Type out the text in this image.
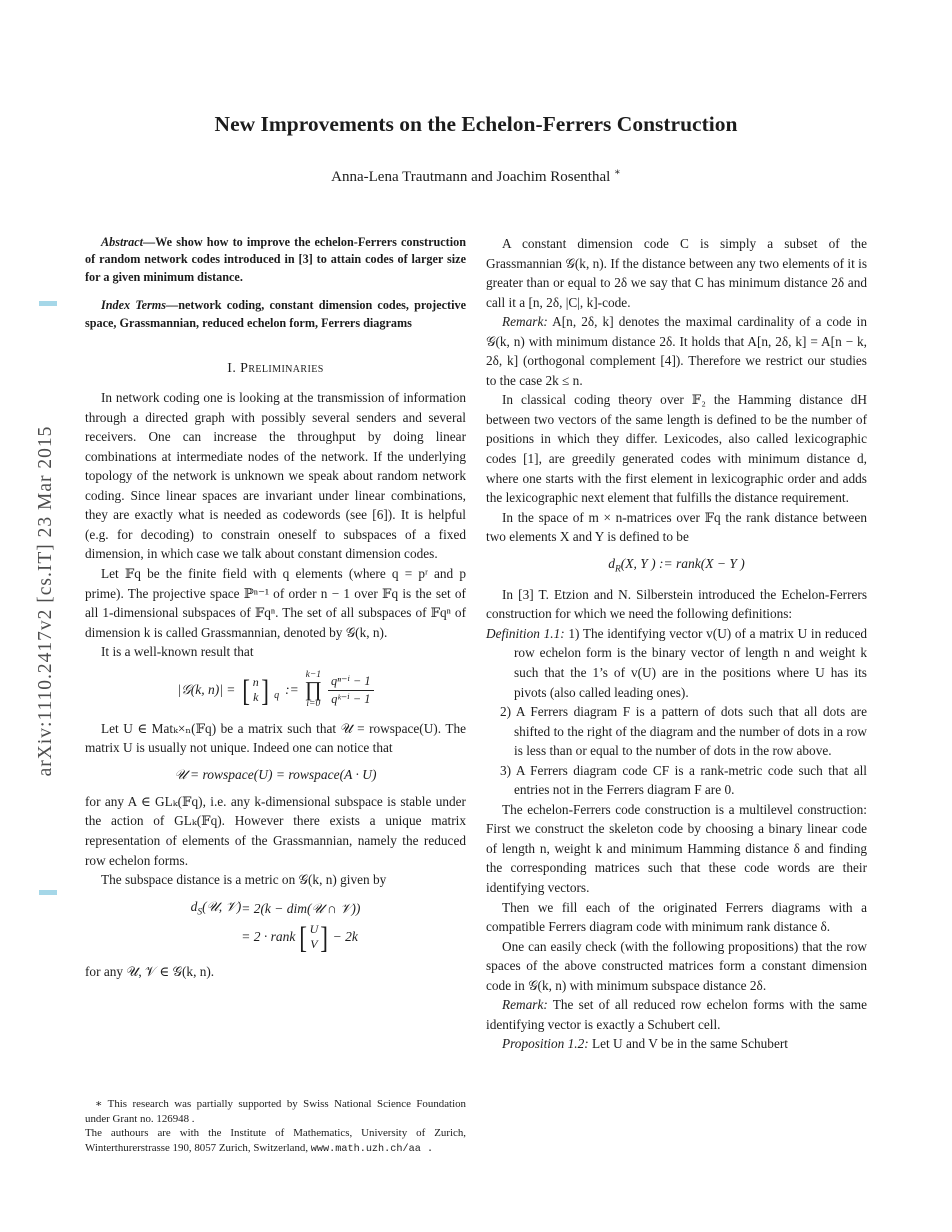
arXiv:1110.2417v2 [cs.IT] 23 Mar 2015
New Improvements on the Echelon-Ferrers Construction
Anna-Lena Trautmann and Joachim Rosenthal ∗

Abstract—We show how to improve the echelon-Ferrers construction of random network codes introduced in [3] to attain codes of larger size for a given minimum distance.

Index Terms—network coding, constant dimension codes, projective space, Grassmannian, reduced echelon form, Ferrers diagrams

I. Preliminaries

In network coding one is looking at the transmission of information through a directed graph with possibly several senders and several receivers. One can increase the throughput by doing linear combinations at intermediate nodes of the network. If the underlying topology of the network is unknown we speak about random network coding. Since linear spaces are invariant under linear combinations, they are exactly what is needed as codewords (see [6]). It is helpful (e.g. for decoding) to constrain oneself to subspaces of a fixed dimension, in which case we talk about constant dimension codes.

Let 𝔽q be the finite field with q elements (where q = pʳ and p prime). The projective space ℙⁿ⁻¹ of order n − 1 over 𝔽q is the set of all 1-dimensional subspaces of 𝔽qⁿ. The set of all subspaces of 𝔽qⁿ of dimension k is called Grassmannian, denoted by 𝒢(k, n).

It is a well-known result that

|𝒢(k, n)| = [ n
k ] q :=
k−1
∏
$i=0 \frac{\text{qⁿ⁻ⁱ − 1}}{\text{qᵏ⁻ⁱ − 1}}$

Let U ∈ Matₖ×ₙ(𝔽q) be a matrix such that 𝒰 = rowspace(U). The matrix U is usually not unique. Indeed one can notice that

𝒰 = rowspace(U) = rowspace(A · U)

for any A ∈ GLₖ(𝔽q), i.e. any k-dimensional subspace is stable under the action of GLₖ(𝔽q). However there exists a unique matrix representation of elements of the Grassmannian, namely the reduced row echelon forms.

The subspace distance is a metric on 𝒢(k, n) given by

$d_S(𝒰$, 𝒱) = 2(k − dim(𝒰 ∩ 𝒱))
= 2 · rank [ U
V ] − 2k

for any 𝒰, 𝒱 ∈ 𝒢(k, n).

∗ This research was partially supported by Swiss National Science Foundation under Grant no. 126948 .

The authours are with the Institute of Mathematics, University of Zurich, Winterthurerstrasse 190, 8057 Zurich, Switzerland, www.math.uzh.ch/aa .

A constant dimension code C is simply a subset of the Grassmannian 𝒢(k, n). If the distance between any two elements of it is greater than or equal to 2δ we say that C has minimum distance 2δ and call it a [n, 2δ, |C|, k]-code.

Remark: A[n, 2δ, k] denotes the maximal cardinality of a code in 𝒢(k, n) with minimum distance 2δ. It holds that A[n, 2δ, k] = A[n − k, 2δ, k] (orthogonal complement [4]). Therefore we restrict our studies to the case 2k ≤ n.

In classical coding theory over 𝔽₂ the Hamming distance dH between two vectors of the same length is defined to be the number of positions in which they differ. Lexicodes, also called lexicographic codes [1], are greedily generated codes with minimum distance d, where one starts with the first element in lexicographic order and adds the lexicographic next element that fulfills the distance requirement.

In the space of m × n-matrices over 𝔽q the rank distance between two elements X and Y is defined to be

$d_R(X$, Y ) := rank(X − Y )

In [3] T. Etzion and N. Silberstein introduced the Echelon-Ferrers construction for which we need the following definitions:

Definition 1.1: 1) The identifying vector v(U) of a matrix U in reduced row echelon form is the binary vector of length n and weight k such that the 1’s of v(U) are in the positions where U has its pivots (also called leading ones).

2) A Ferrers diagram F is a pattern of dots such that all dots are shifted to the right of the diagram and the number of dots in a row is less than or equal to the number of dots in the row above.

3) A Ferrers diagram code CF is a rank-metric code such that all entries not in the Ferrers diagram F are 0.

The echelon-Ferrers code construction is a multilevel construction: First we construct the skeleton code by choosing a binary linear code of length n, weight k and minimum Hamming distance δ and finding the corresponding matrices such that these code words are their identifying vectors.

Then we fill each of the originated Ferrers diagrams with a compatible Ferrers diagram code with minimum rank distance δ.

One can easily check (with the following propositions) that the row spaces of the above constructed matrices form a constant dimension code in 𝒢(k, n) with minimum subspace distance 2δ.

Remark: The set of all reduced row echelon forms with the same identifying vector is exactly a Schubert cell.

Proposition 1.2: Let U and V be in the same Schubert
